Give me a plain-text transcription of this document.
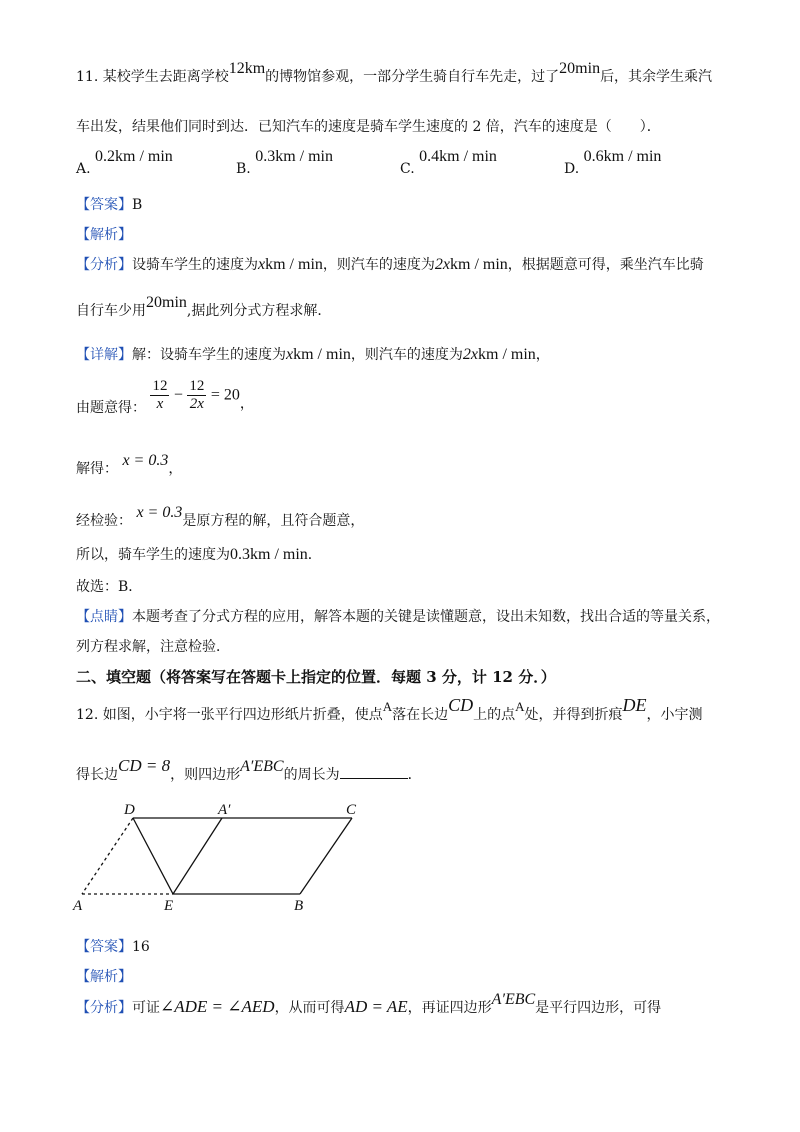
11. 某校学生去距离学校12km的博物馆参观，一部分学生骑自行车先走，过了20min后，其余学生乘汽
车出发，结果他们同时到达．已知汽车的速度是骑车学生速度的 2 倍，汽车的速度是（　　）．
A. 0.2km / min
B. 0.3km / min
C. 0.4km / min
D. 0.6km / min
【答案】B
【解析】
【分析】设骑车学生的速度为xkm / min，则汽车的速度为2xkm / min，根据题意可得，乘坐汽车比骑
自行车少用20min,据此列分式方程求解．
【详解】解：设骑车学生的速度为xkm / min，则汽车的速度为2xkm / min，
由题意得： $\frac{12}{x} - \frac{12}{2x} = 20$，
解得： x = 0.3，
经检验： x = 0.3是原方程的解，且符合题意，
所以，骑车学生的速度为0.3km / min．
故选：B．
【点睛】本题考查了分式方程的应用，解答本题的关键是读懂题意，设出未知数，找出合适的等量关系，
列方程求解，注意检验．
二、填空题（将答案写在答题卡上指定的位置．每题 3 分，计 12 分．）
12. 如图，小宇将一张平行四边形纸片折叠，使点A落在长边CD上的点A处，并得到折痕DE，小宇测
得长边CD = 8，则四边形A′EBC的周长为	．
D	A′	C
A	E	B
【答案】16
【解析】
【分析】可证∠ADE = ∠AED，从而可得AD = AE，再证四边形A′EBC是平行四边形，可得
